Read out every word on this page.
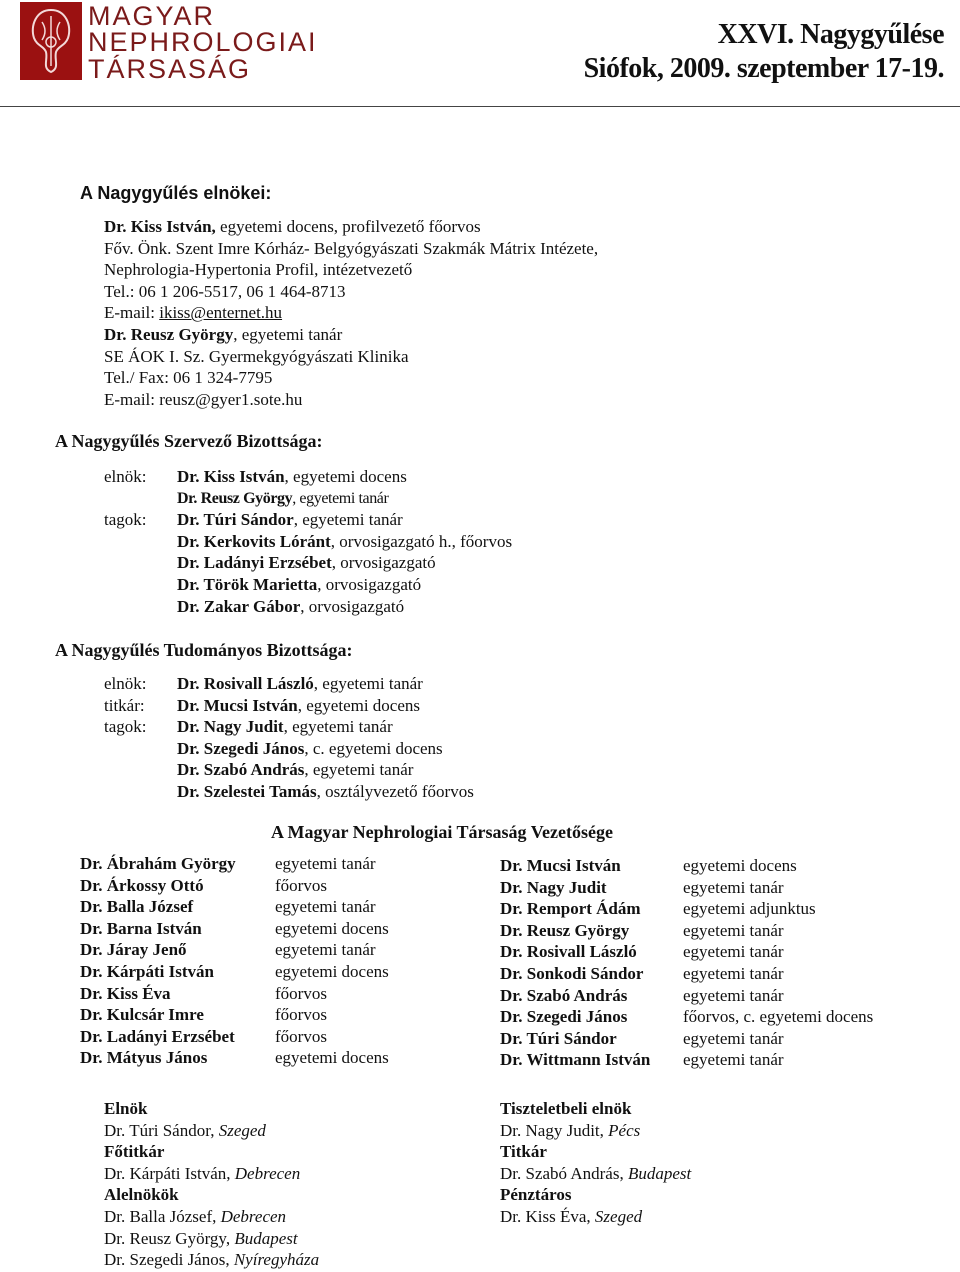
MAGYAR
NEPHROLOGIAI
TÁRSASÁG
XXVI. Nagygyűlése
Siófok, 2009. szeptember 17-19.
A Nagygyűlés elnökei:
Dr. Kiss István, egyetemi docens, profilvezető főorvos
Főv. Önk. Szent Imre Kórház- Belgyógyászati Szakmák Mátrix Intézete,
Nephrologia-Hypertonia Profil, intézetvezető
Tel.: 06 1 206-5517, 06 1 464-8713
E-mail: ikiss@enternet.hu
Dr. Reusz György, egyetemi tanár
SE ÁOK I. Sz. Gyermekgyógyászati Klinika
Tel./ Fax: 06 1 324-7795
E-mail: reusz@gyer1.sote.hu
A Nagygyűlés Szervező Bizottsága:
elnök:
tagok:
Dr. Kiss István, egyetemi docens
Dr. Reusz György, egyetemi tanár
Dr. Túri Sándor, egyetemi tanár
Dr. Kerkovits Lóránt, orvosigazgató h., főorvos
Dr. Ladányi Erzsébet, orvosigazgató
Dr. Török Marietta, orvosigazgató
Dr. Zakar Gábor, orvosigazgató
A Nagygyűlés Tudományos Bizottsága:
elnök:
titkár:
tagok:
Dr. Rosivall László, egyetemi tanár
Dr. Mucsi István, egyetemi docens
Dr. Nagy Judit, egyetemi tanár
Dr. Szegedi János, c. egyetemi docens
Dr. Szabó András, egyetemi tanár
Dr. Szelestei Tamás, osztályvezető főorvos
A Magyar Nephrologiai Társaság Vezetősége
Dr. Ábrahám György
Dr. Árkossy Ottó
Dr. Balla József
Dr. Barna István
Dr. Járay Jenő
Dr. Kárpáti István
Dr. Kiss Éva
Dr. Kulcsár Imre
Dr. Ladányi Erzsébet
Dr. Mátyus János
egyetemi tanár
főorvos
egyetemi tanár
egyetemi docens
egyetemi tanár
egyetemi docens
főorvos
főorvos
főorvos
egyetemi docens
Dr. Mucsi István
Dr. Nagy Judit
Dr. Remport Ádám
Dr. Reusz György
Dr. Rosivall László
Dr. Sonkodi Sándor
Dr. Szabó András
Dr. Szegedi János
Dr. Túri Sándor
Dr. Wittmann István
egyetemi docens
egyetemi tanár
egyetemi adjunktus
egyetemi tanár
egyetemi tanár
egyetemi tanár
egyetemi tanár
főorvos, c. egyetemi docens
egyetemi tanár
egyetemi tanár
Elnök
Dr. Túri Sándor, Szeged
Főtitkár
Dr. Kárpáti István, Debrecen
Alelnökök
Dr. Balla József, Debrecen
Dr. Reusz György, Budapest
Dr. Szegedi János, Nyíregyháza
Tiszteletbeli elnök
Dr. Nagy Judit, Pécs
Titkár
Dr. Szabó András, Budapest
Pénztáros
Dr. Kiss Éva, Szeged
